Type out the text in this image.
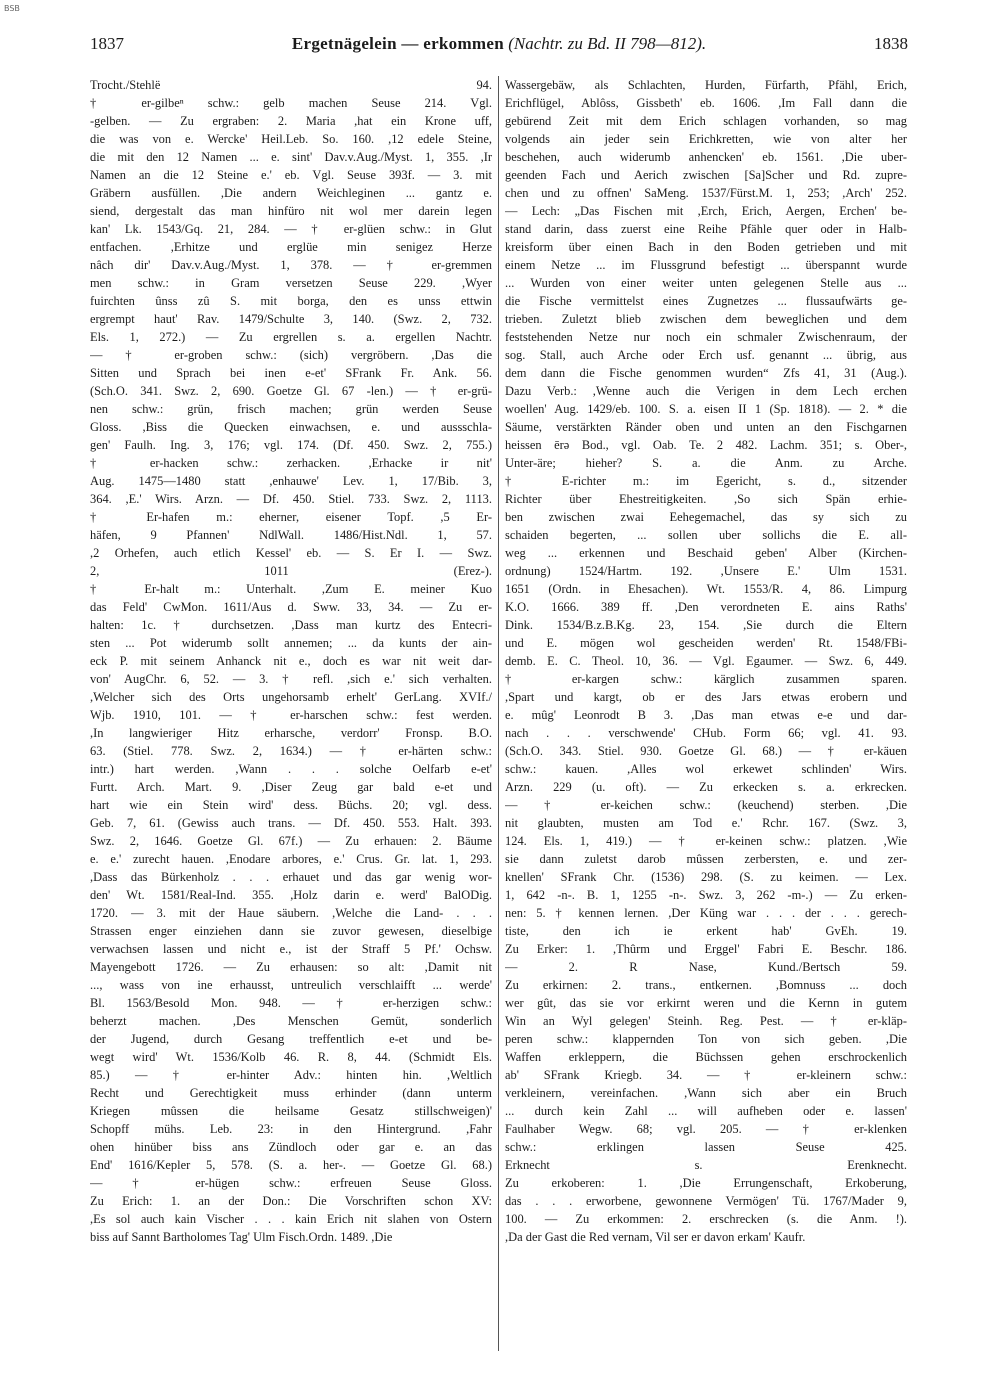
BSB
1837	Ergetnägelein — erkommen (Nachtr. zu Bd. II 798—812).	1838
Trocht./Stehlë 94.
† er-gilbeⁿ schw.: gelb machen Seuse 214. Vgl.
-gelben. — Zu ergraben: 2. Maria ,hat ein Krone uff,
die was von e. Wercke' Heil.Leb. So. 160. ,12 edele Steine,
die mit den 12 Namen ... e. sint' Dav.v.Aug./Myst. 1, 355. ,Ir
Namen an die 12 Steine e.' eb. Vgl. Seuse 393f. — 3. mit
Gräbern ausfüllen. ,Die andern Weichleginen ... gantz e.
siend, dergestalt das man hinfüro nit wol mer darein legen
kan' Lk. 1543/Gq. 21, 284. — † er-glüen schw.: in Glut
entfachen. ,Erhitze und erglüe min senigez Herze
nâch dir' Dav.v.Aug./Myst. 1, 378. — † er-gremmen
men schw.: in Gram versetzen Seuse 229. ,Wyer
fuirchten ûnss zû S. mit borga, den es unss ettwin
ergrempt haut' Rav. 1479/Schulte 3, 140. (Swz. 2, 732.
Els. 1, 272.) — Zu ergrellen s. a. ergellen Nachtr.
— † er-groben schw.: (sich) vergröbern. ,Das die
Sitten und Sprach bei inen e-et' SFrank Fr. Ank. 56.
(Sch.O. 341. Swz. 2, 690. Goetze Gl. 67 -len.) — † er-grü-
nen schw.: grün, frisch machen; grün werden Seuse
Gloss. ,Biss die Quecken einwachsen, e. und aussschla-
gen' Faulh. Ing. 3, 176; vgl. 174. (Df. 450. Swz. 2, 755.)
† er-hacken schw.: zerhacken. ,Erhacke ir nit'
Aug. 1475—1480 statt ,enhauwe' Lev. 1, 17/Bib. 3,
364. ,E.' Wirs. Arzn. — Df. 450. Stiel. 733. Swz. 2, 1113.
† Er-hafen m.: eherner, eisener Topf. ,5 Er-
häfen, 9 Pfannen' NdlWall. 1486/Hist.Ndl. 1, 57.
,2 Orhefen, auch etlich Kessel' eb. — S. Er I. — Swz.
2, 1011 (Erez-).
† Er-halt m.: Unterhalt. ,Zum E. meiner Kuo
das Feld' CwMon. 1611/Aus d. Sww. 33, 34. — Zu er-
halten: 1c. † durchsetzen. ,Dass man kurtz des Entecri-
sten ... Pot widerumb sollt annemen; ... da kunts der ain-
eck P. mit seinem Anhanck nit e., doch es war nit weit dar-
von' AugChr. 6, 52. — 3. † refl. ,sich e.' sich verhalten.
,Welcher sich des Orts ungehorsamb erhelt' GerLang. XVIf./
Wjb. 1910, 101. — † er-harschen schw.: fest werden.
,In langwieriger Hitz erharsche, verdorr' Fronsp. B.O.
63. (Stiel. 778. Swz. 2, 1634.) — † er-härten schw.:
intr.) hart werden. ,Wann . . . solche Oelfarb e-et'
Furtt. Arch. Mart. 9. ,Diser Zeug gar bald e-et und
hart wie ein Stein wird' dess. Büchs. 20; vgl. dess.
Geb. 7, 61. (Gewiss auch trans. — Df. 450. 553. Halt. 393.
Swz. 2, 1646. Goetze Gl. 67f.) — Zu erhauen: 2. Bäume
e. e.' zurecht hauen. ,Enodare arbores, e.' Crus. Gr. lat. 1, 293.
,Dass das Bürkenholz . . . erhauet und das gar wenig wor-
den' Wt. 1581/Real-Ind. 355. ,Holz darin e. werd' BalODig.
1720. — 3. mit der Haue säubern. ,Welche die Land- . . .
Strassen enger einziehen dann sie zuvor gewesen, dieselbige
verwachsen lassen und nicht e., ist der Straff 5 Pf.' Ochsw.
Mayengebott 1726. — Zu erhausen: so alt: ,Damit nit
..., wass von ine erhausst, untreulich verschlaifft ... werde'
Bl. 1563/Besold Mon. 948. — † er-herzigen schw.:
beherzt machen. ,Des Menschen Gemüt, sonderlich
der Jugend, durch Gesang treffentlich e-et und be-
wegt wird' Wt. 1536/Kolb 46. R. 8, 44. (Schmidt Els.
85.) — † er-hinter Adv.: hinten hin. ,Weltlich
Recht und Gerechtigkeit muss erhinder (dann unterm
Kriegen mûssen die heilsame Gesatz stillschweigen)'
Schopff mühs. Leb. 23: in den Hintergrund. ,Fahr
ohen hinüber biss ans Zündloch oder gar e. an das
End' 1616/Kepler 5, 578. (S. a. her-. — Goetze Gl. 68.)
— † er-hügen schw.: erfreuen Seuse Gloss.
Zu Erich: 1. an der Don.: Die Vorschriften schon XV:
,Es sol auch kain Vischer . . . kain Erich nit slahen von Ostern
biss auf Sannt Bartholomes Tag' Ulm Fisch.Ordn. 1489. ,Die
Wassergebäw, als Schlachten, Hurden, Fürfarth, Pfähl, Erich,
Erichflügel, Ablôss, Gissbeth' eb. 1606. ,Im Fall dann die
gebürend Zeit mit dem Erich schlagen vorhanden, so mag
volgends ain jeder sein Erichkretten, wie von alter her
beschehen, auch widerumb anhencken' eb. 1561. ,Die uber-
geenden Fach und Aerich zwischen [Sa]Scher und Rd. zupre-
chen und zu offnen' SaMeng. 1537/Fürst.M. 1, 253; ,Arch' 252.
— Lech: „Das Fischen mit ,Erch, Erich, Aergen, Erchen' be-
stand darin, dass zuerst eine Reihe Pfähle quer oder in Halb-
kreisform über einen Bach in den Boden getrieben und mit
einem Netze ... im Flussgrund befestigt ... überspannt wurde
... Wurden von einer weiter unten gelegenen Stelle aus ...
die Fische vermittelst eines Zugnetzes ... flussaufwärts ge-
trieben. Zuletzt blieb zwischen dem beweglichen und dem
feststehenden Netze nur noch ein schmaler Zwischenraum, der
sog. Stall, auch Arche oder Erch usf. genannt ... übrig, aus
dem dann die Fische genommen wurden“ Zfs 41, 31 (Aug.).
Dazu Verb.: ,Wenne auch die Verigen in dem Lech erchen
woellen' Aug. 1429/eb. 100. S. a. eisen II 1 (Sp. 1818). — 2. * die
Säume, verstärkten Ränder oben und unten an den Fischgarnen
heissen ērə Bod., vgl. Oab. Te. 2 482. Lachm. 351; s. Ober-,
Unter-äre; hieher? S. a. die Anm. zu Arche.
† E-richter m.: im Egericht, s. d., sitzender
Richter über Ehestreitigkeiten. ,So sich Spän erhie-
ben zwischen zwai Eehegemachel, das sy sich zu
schaiden begerten, ... sollen uber sollichs die E. all-
weg ... erkennen und Beschaid geben' Alber (Kirchen-
ordnung) 1524/Hartm. 192. ,Unsere E.' Ulm 1531.
1651 (Ordn. in Ehesachen). Wt. 1553/R. 4, 86. Limpurg
K.O. 1666. 389 ff. ,Den verordneten E. ains Raths'
Dink. 1534/B.z.B.Kg. 23, 154. ,Sie durch die Eltern
und E. mögen wol gescheiden werden' Rt. 1548/FBi-
demb. E. C. Theol. 10, 36. — Vgl. Egaumer. — Swz. 6, 449.
† er-kargen schw.: kärglich zusammen sparen.
,Spart und kargt, ob er des Jars etwas erobern und
e. mûg' Leonrodt B 3. ,Das man etwas e-e und dar-
nach . . . verschwende' CHub. Form 66; vgl. 41. 93.
(Sch.O. 343. Stiel. 930. Goetze Gl. 68.) — † er-käuen
schw.: kauen. ,Alles wol erkewet schlinden' Wirs.
Arzn. 229 (u. oft). — Zu erkecken s. a. erkrecken.
— † er-keichen schw.: (keuchend) sterben. ,Die
nit glaubten, musten am Tod e.' Rchr. 167. (Swz. 3,
124. Els. 1, 419.) — † er-keinen schw.: platzen. ,Wie
sie dann zuletst darob mûssen zerbersten, e. und zer-
knellen' SFrank Chr. (1536) 298. (S. zu keimen. — Lex.
1, 642 -n-. B. 1, 1255 -n-. Swz. 3, 262 -m-.) — Zu erken-
nen: 5. † kennen lernen. ,Der Küng war . . . der . . . gerech-
tiste, den ich ie erkent hab' GvEh. 19.
Zu Erker: 1. ,Thûrm und Erggel' Fabri E. Beschr. 186.
— 2. R Nase, Kund./Bertsch 59.
Zu erkirnen: 2. trans., entkernen. ,Bomnuss ... doch
wer gût, das sie vor erkirnt weren und die Kernn in gutem
Win an Wyl gelegen' Steinh. Reg. Pest. — † er-kläp-
peren schw.: klappernden Ton von sich geben. ,Die
Waffen erkleppern, die Büchssen gehen erschrockenlich
ab' SFrank Kriegb. 34. — † er-kleinern schw.:
verkleinern, vereinfachen. ,Wann sich aber ein Bruch
... durch kein Zahl ... will aufheben oder e. lassen'
Faulhaber Wegw. 68; vgl. 205. — † er-klenken
schw.: erklingen lassen Seuse 425.
Erknecht s. Erenknecht.
Zu erkoberen: 1. ,Die Errungenschaft, Erkoberung,
das . . . erworbene, gewonnene Vermögen' Tü. 1767/Mader 9,
100. — Zu erkommen: 2. erschrecken (s. die Anm. !).
,Da der Gast die Red vernam, Vil ser er davon erkam' Kaufr.
